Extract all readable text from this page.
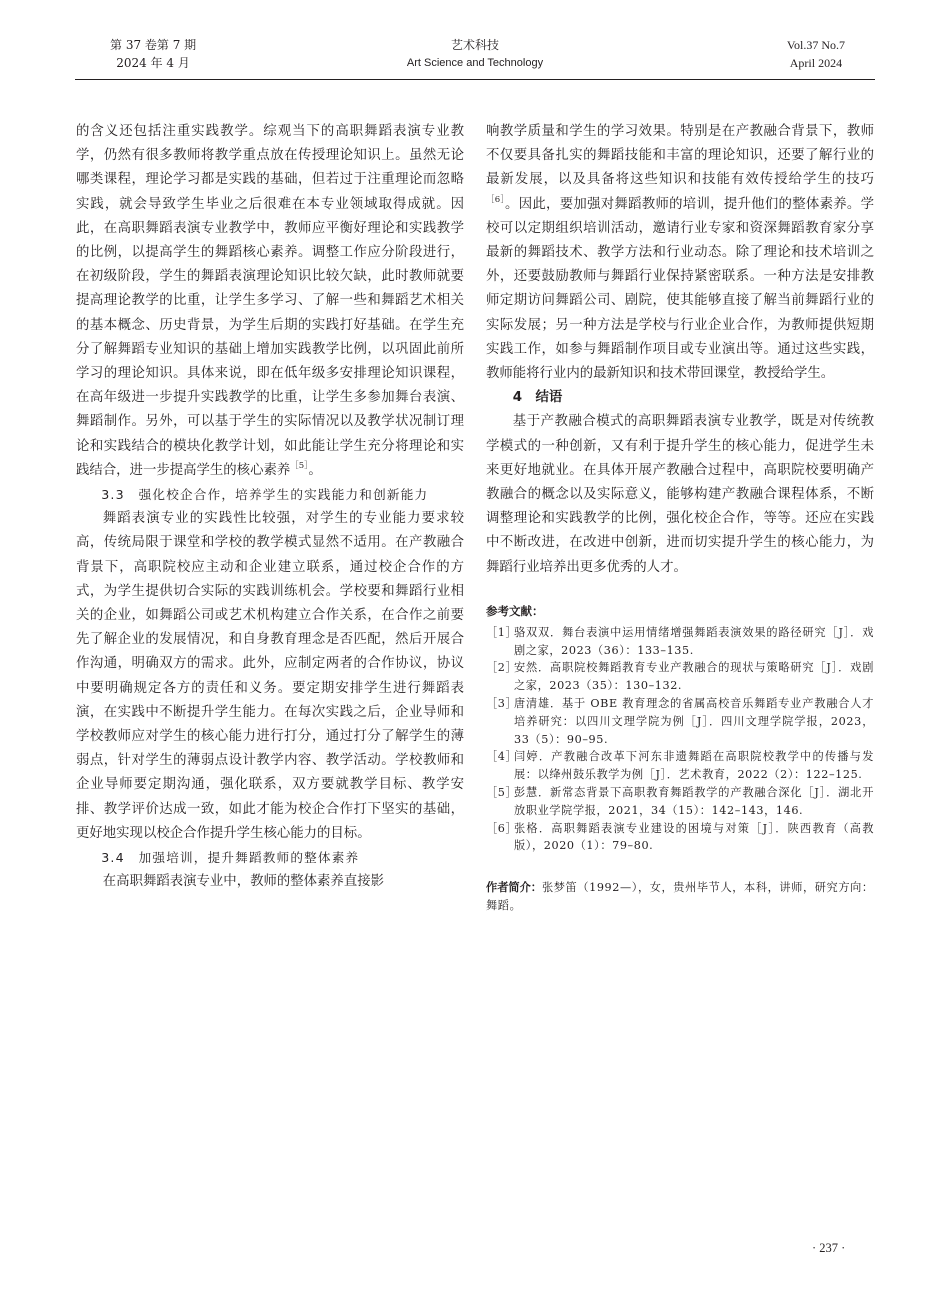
第 37 卷第 7 期
2024 年 4 月
艺术科技
Art Science and Technology
Vol.37 No.7
April 2024

的含义还包括注重实践教学。综观当下的高职舞蹈表演专业教学，仍然有很多教师将教学重点放在传授理论知识上。虽然无论哪类课程，理论学习都是实践的基础，但若过于注重理论而忽略实践，就会导致学生毕业之后很难在本专业领域取得成就。因此，在高职舞蹈表演专业教学中，教师应平衡好理论和实践教学的比例，以提高学生的舞蹈核心素养。调整工作应分阶段进行，在初级阶段，学生的舞蹈表演理论知识比较欠缺，此时教师就要提高理论教学的比重，让学生多学习、了解一些和舞蹈艺术相关的基本概念、历史背景，为学生后期的实践打好基础。在学生充分了解舞蹈专业知识的基础上增加实践教学比例，以巩固此前所学习的理论知识。具体来说，即在低年级多安排理论知识课程，在高年级进一步提升实践教学的比重，让学生多参加舞台表演、舞蹈制作。另外，可以基于学生的实际情况以及教学状况制订理论和实践结合的模块化教学计划，如此能让学生充分将理论和实践结合，进一步提高学生的核心素养$^{[5]}$。

3.3　强化校企合作，培养学生的实践能力和创新能力

舞蹈表演专业的实践性比较强，对学生的专业能力要求较高，传统局限于课堂和学校的教学模式显然不适用。在产教融合背景下，高职院校应主动和企业建立联系，通过校企合作的方式，为学生提供切合实际的实践训练机会。学校要和舞蹈行业相关的企业，如舞蹈公司或艺术机构建立合作关系，在合作之前要先了解企业的发展情况，和自身教育理念是否匹配，然后开展合作沟通，明确双方的需求。此外，应制定两者的合作协议，协议中要明确规定各方的责任和义务。要定期安排学生进行舞蹈表演，在实践中不断提升学生能力。在每次实践之后，企业导师和学校教师应对学生的核心能力进行打分，通过打分了解学生的薄弱点，针对学生的薄弱点设计教学内容、教学活动。学校教师和企业导师要定期沟通，强化联系，双方要就教学目标、教学安排、教学评价达成一致，如此才能为校企合作打下坚实的基础，更好地实现以校企合作提升学生核心能力的目标。

3.4　加强培训，提升舞蹈教师的整体素养

在高职舞蹈表演专业中，教师的整体素养直接影

响教学质量和学生的学习效果。特别是在产教融合背景下，教师不仅要具备扎实的舞蹈技能和丰富的理论知识，还要了解行业的最新发展，以及具备将这些知识和技能有效传授给学生的技巧$^{[6]}$。因此，要加强对舞蹈教师的培训，提升他们的整体素养。学校可以定期组织培训活动，邀请行业专家和资深舞蹈教育家分享最新的舞蹈技术、教学方法和行业动态。除了理论和技术培训之外，还要鼓励教师与舞蹈行业保持紧密联系。一种方法是安排教师定期访问舞蹈公司、剧院，使其能够直接了解当前舞蹈行业的实际发展；另一种方法是学校与行业企业合作，为教师提供短期实践工作，如参与舞蹈制作项目或专业演出等。通过这些实践，教师能将行业内的最新知识和技术带回课堂，教授给学生。

4　结语

基于产教融合模式的高职舞蹈表演专业教学，既是对传统教学模式的一种创新，又有利于提升学生的核心能力，促进学生未来更好地就业。在具体开展产教融合过程中，高职院校要明确产教融合的概念以及实际意义，能够构建产教融合课程体系，不断调整理论和实践教学的比例，强化校企合作，等等。还应在实践中不断改进，在改进中创新，进而切实提升学生的核心能力，为舞蹈行业培养出更多优秀的人才。

参考文献：
［1］
骆双双．舞台表演中运用情绪增强舞蹈表演效果的路径研究［J］．戏剧之家，2023（36）：133–135.
［2］
安然．高职院校舞蹈教育专业产教融合的现状与策略研究［J］．戏剧之家，2023（35）：130–132.
［3］
唐清雄．基于 OBE 教育理念的省属高校音乐舞蹈专业产教融合人才培养研究：以四川文理学院为例［J］．四川文理学院学报，2023，33（5）：90–95.
［4］
闫婷．产教融合改革下河东非遗舞蹈在高职院校教学中的传播与发展：以绛州鼓乐教学为例［J］．艺术教育，2022（2）：122–125.
［5］
彭慧．新常态背景下高职教育舞蹈教学的产教融合深化［J］．湖北开放职业学院学报，2021，34（15）：142–143，146.
［6］
张格．高职舞蹈表演专业建设的困境与对策［J］．陕西教育（高教版），2020（1）：79–80.

作者简介：张梦笛（1992—），女，贵州毕节人，本科，讲师，研究方向：舞蹈。

· 237 ·
